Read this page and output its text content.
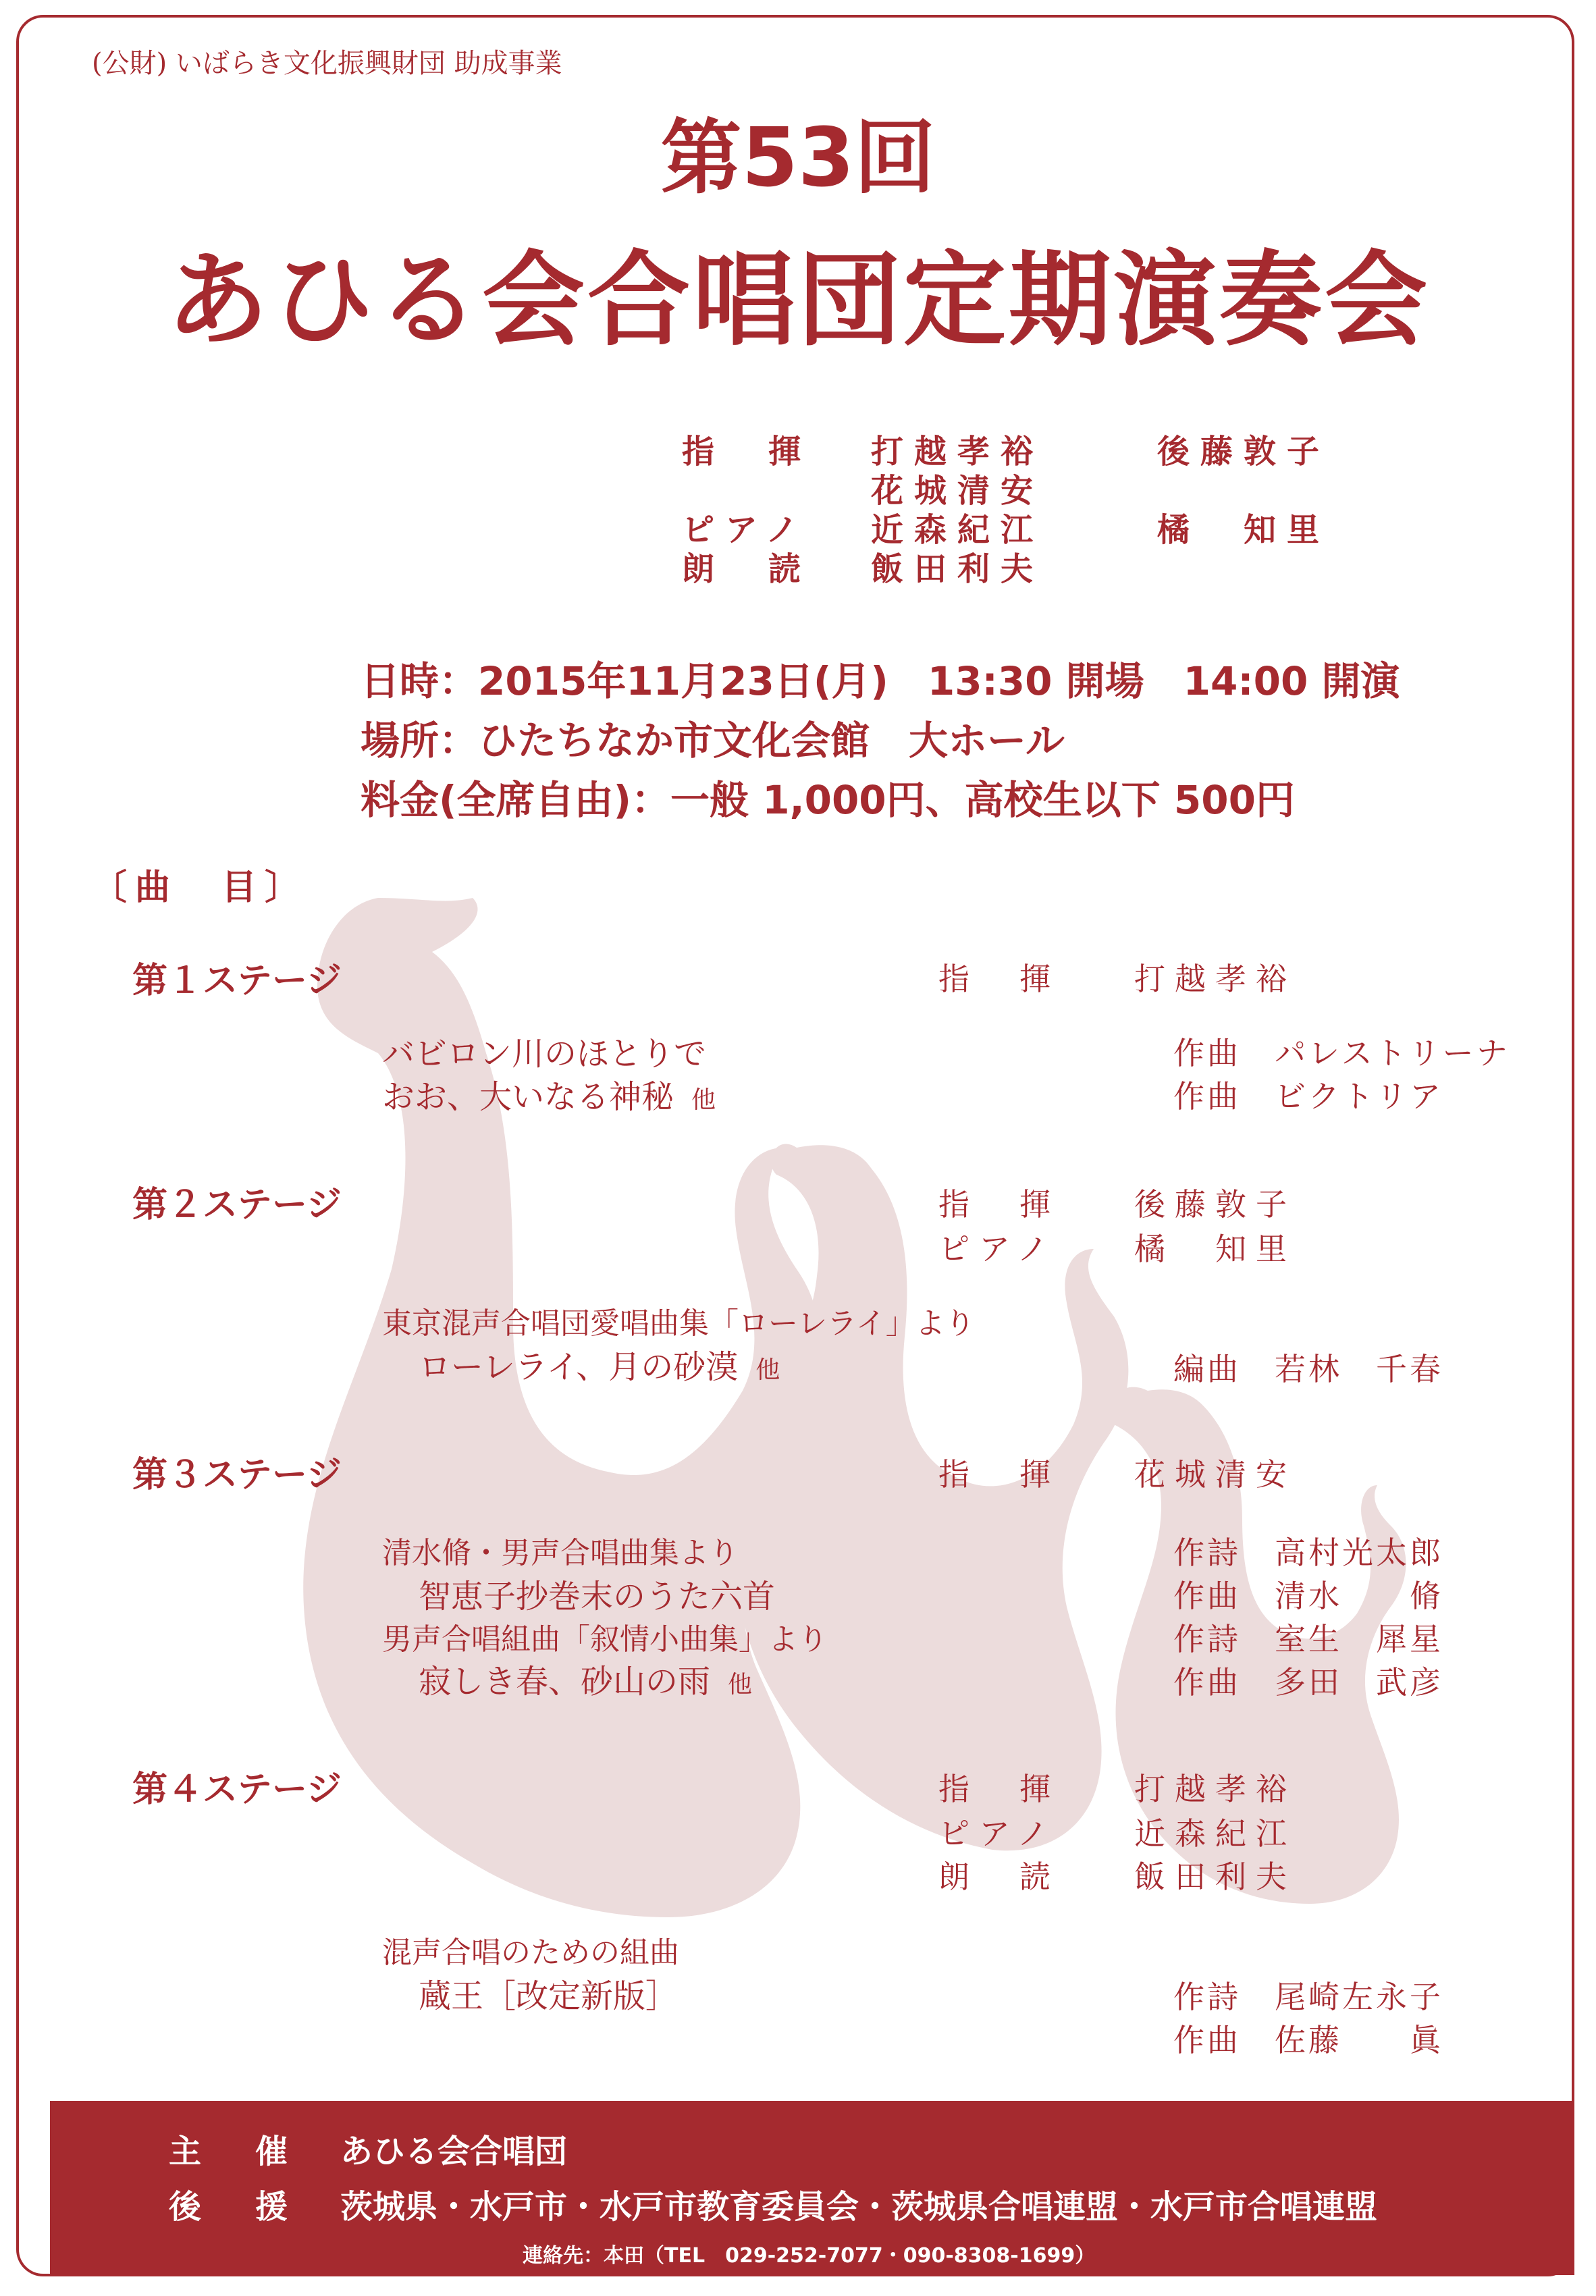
(公財) いばらき文化振興財団 助成事業
第53回
あひる会合唱団定期演奏会
指　揮 打越孝裕	後藤敦子
花城清安
ピアノ 近森紀江	橘　知里
朗　読 飯田利夫
日時：2015年11月23日(月)　13:30 開場　14:00 開演
場所：ひたちなか市文化会館　大ホール
料金(全席自由)：一般 1,000円、高校生以下 500円
〔曲　目〕
第１ステージ	指　揮 打越孝裕
バビロン川のほとりで	作曲　パレストリーナ
おお、大いなる神秘 他	作曲　ビクトリア
第２ステージ	指　揮 後藤敦子
ピアノ 橘　知里
東京混声合唱団愛唱曲集「ローレライ」より
ローレライ、月の砂漠 他	編曲　若林　千春
第３ステージ	指　揮 花城清安
清水脩・男声合唱曲集より	作詩　高村光太郎
智恵子抄巻末のうた六首	作曲　清水　　脩
男声合唱組曲「叙情小曲集」より	作詩　室生　犀星
寂しき春、砂山の雨 他	作曲　多田　武彦
第４ステージ	指　揮 打越孝裕
ピアノ 近森紀江
朗　読 飯田利夫
混声合唱のための組曲
蔵王［改定新版］	作詩　尾崎左永子
作曲　佐藤　　眞
主　催 あひる会合唱団
後　援 茨城県・水戸市・水戸市教育委員会・茨城県合唱連盟・水戸市合唱連盟
連絡先：本田（TEL　029-252-7077・090-8308-1699）
